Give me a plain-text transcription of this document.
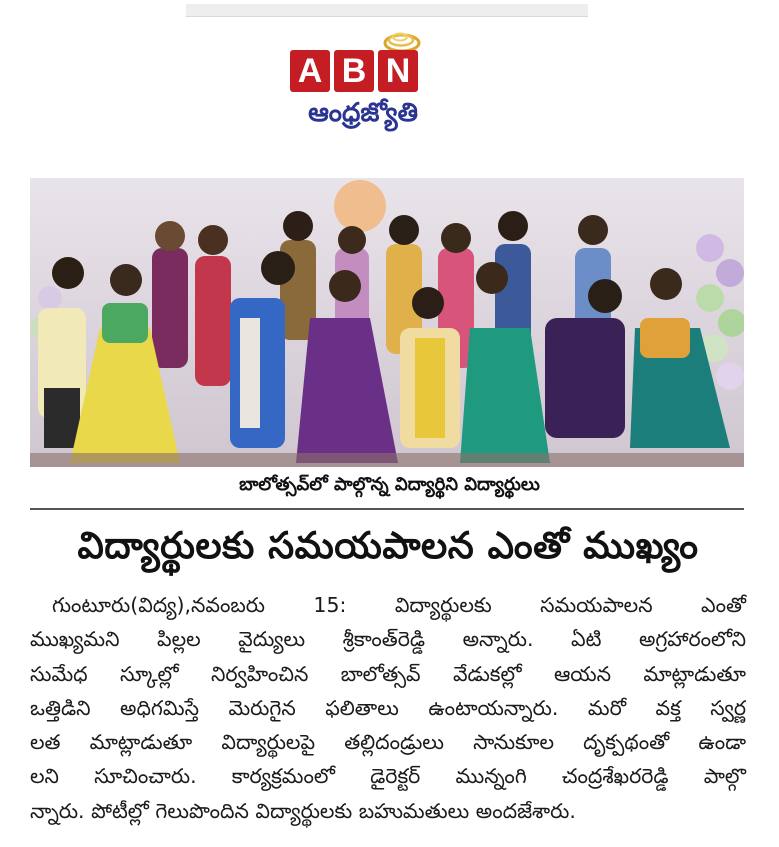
A B N
ఆంధ్రజ్యోతి
బాలోత్సవ్‌లో పాల్గొన్న విద్యార్థిని విద్యార్థులు
విద్యార్థులకు సమయపాలన ఎంతో ముఖ్యం
గుంటూరు(విద్య),నవంబరు 15: విద్యార్థులకు సమయపాలన ఎంతో
ముఖ్యమని పిల్లల వైద్యులు శ్రీకాంత్‌రెడ్డి అన్నారు. ఏటి అగ్రహారంలోని
సుమేధ స్కూల్లో నిర్వహించిన బాలోత్సవ్ వేడుకల్లో ఆయన మాట్లాడుతూ
ఒత్తిడిని అధిగమిస్తే మెరుగైన ఫలితాలు ఉంటాయన్నారు. మరో వక్త స్వర్ణ
లత మాట్లాడుతూ విద్యార్థులపై తల్లిదండ్రులు సానుకూల దృక్పథంతో ఉండా
లని సూచించారు. కార్యక్రమంలో డైరెక్టర్ మున్నంగి చంద్రశేఖరరెడ్డి పాల్గొ
న్నారు. పోటీల్లో గెలుపొందిన విద్యార్థులకు బహుమతులు అందజేశారు.
